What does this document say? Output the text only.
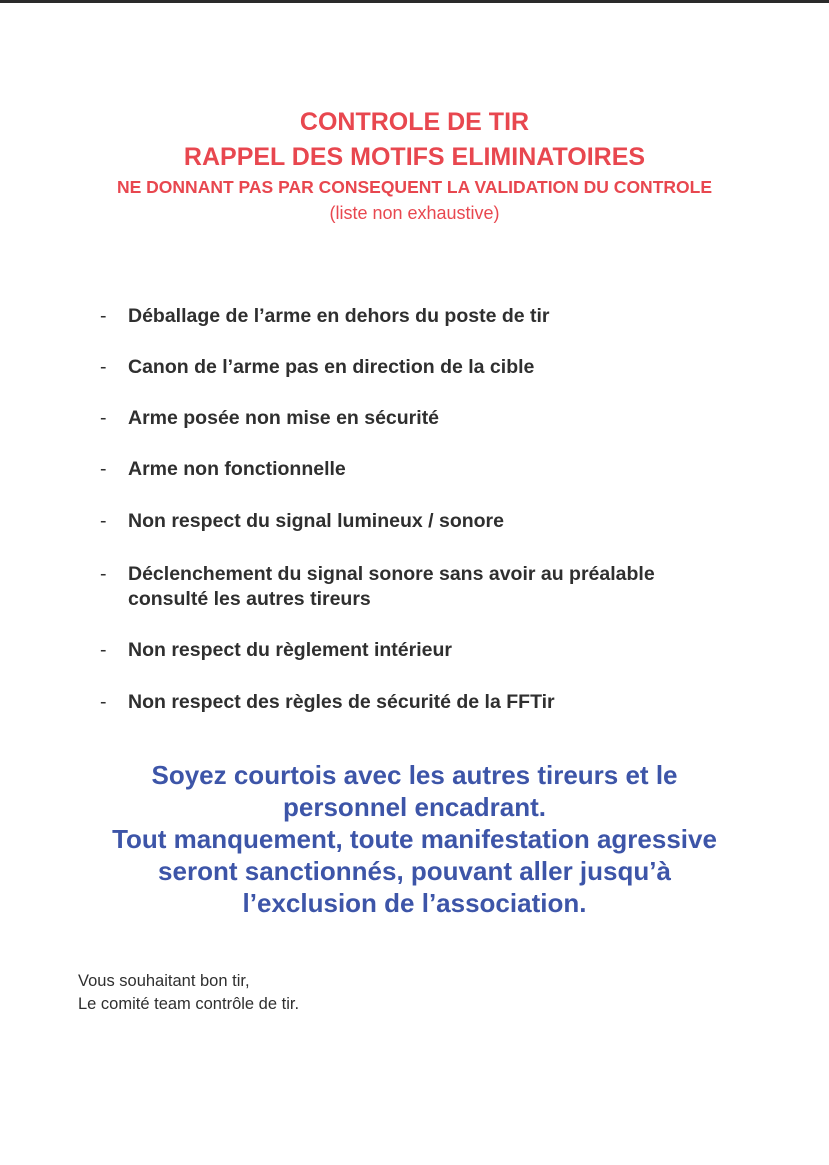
CONTROLE DE TIR
RAPPEL DES MOTIFS ELIMINATOIRES
NE DONNANT PAS PAR CONSEQUENT LA VALIDATION DU CONTROLE
(liste non exhaustive)
-	Déballage de l’arme en dehors du poste de tir
-	Canon de l’arme pas en direction de la cible
-	Arme posée non mise en sécurité
-	Arme non fonctionnelle
-	Non respect du signal lumineux / sonore
-	Déclenchement du signal sonore sans avoir au préalable
consulté les autres tireurs
-	Non respect du règlement intérieur
-	Non respect des règles de sécurité de la FFTir
Soyez courtois avec les autres tireurs et le
personnel encadrant.
Tout manquement, toute manifestation agressive
seront sanctionnés, pouvant aller jusqu’à
l’exclusion de l’association.
Vous souhaitant bon tir,
Le comité team contrôle de tir.
